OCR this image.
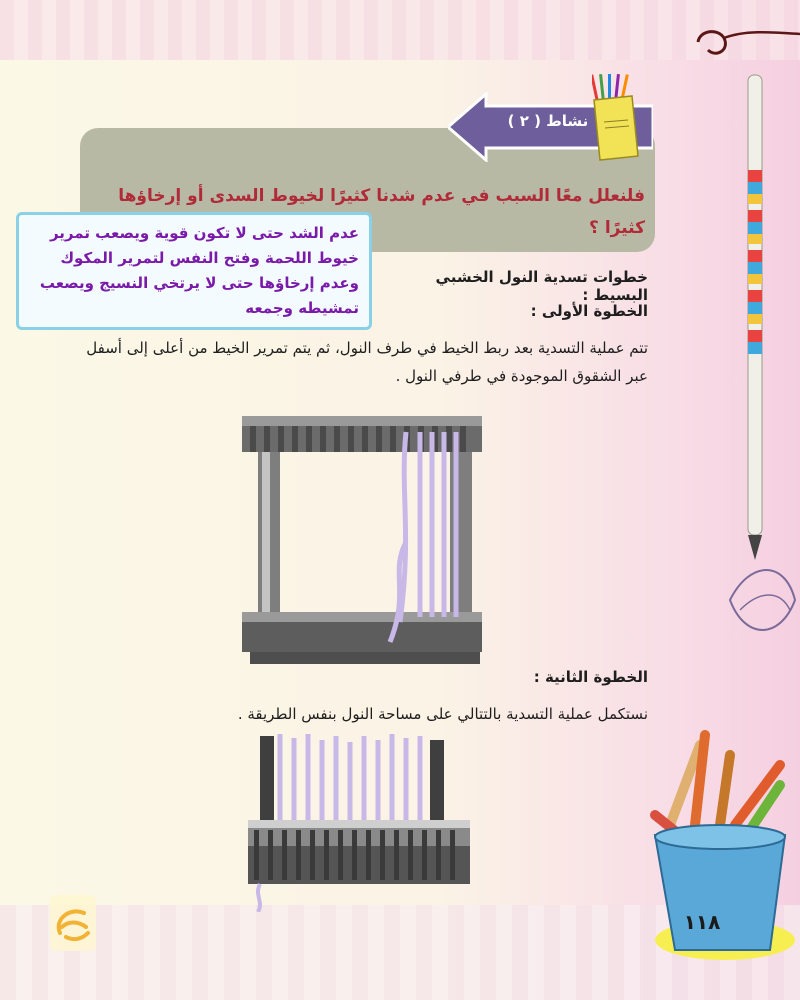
نشاط ( ٢ )
فلنعلل معًا السبب في عدم شدنا كثيرًا لخيوط السدى أو إرخاؤها كثيرًا ؟
عدم الشد حتى لا تكون قوية ويصعب تمرير
خيوط اللحمة وفتح النفس لتمرير المكوك
وعدم إرخاؤها حتى لا يرتخي النسيج ويصعب
تمشيطه وجمعه
خطوات تسدية النول الخشبي البسيط :
الخطوة الأولى :
تتم عملية التسدية بعد ربط الخيط في طرف النول، ثم يتم تمرير الخيط من أعلى إلى أسفل عبر الشقوق الموجودة في طرفي النول .
الخطوة الثانية :
نستكمل عملية التسدية بالتتالي على مساحة النول بنفس الطريقة .
١١٨
